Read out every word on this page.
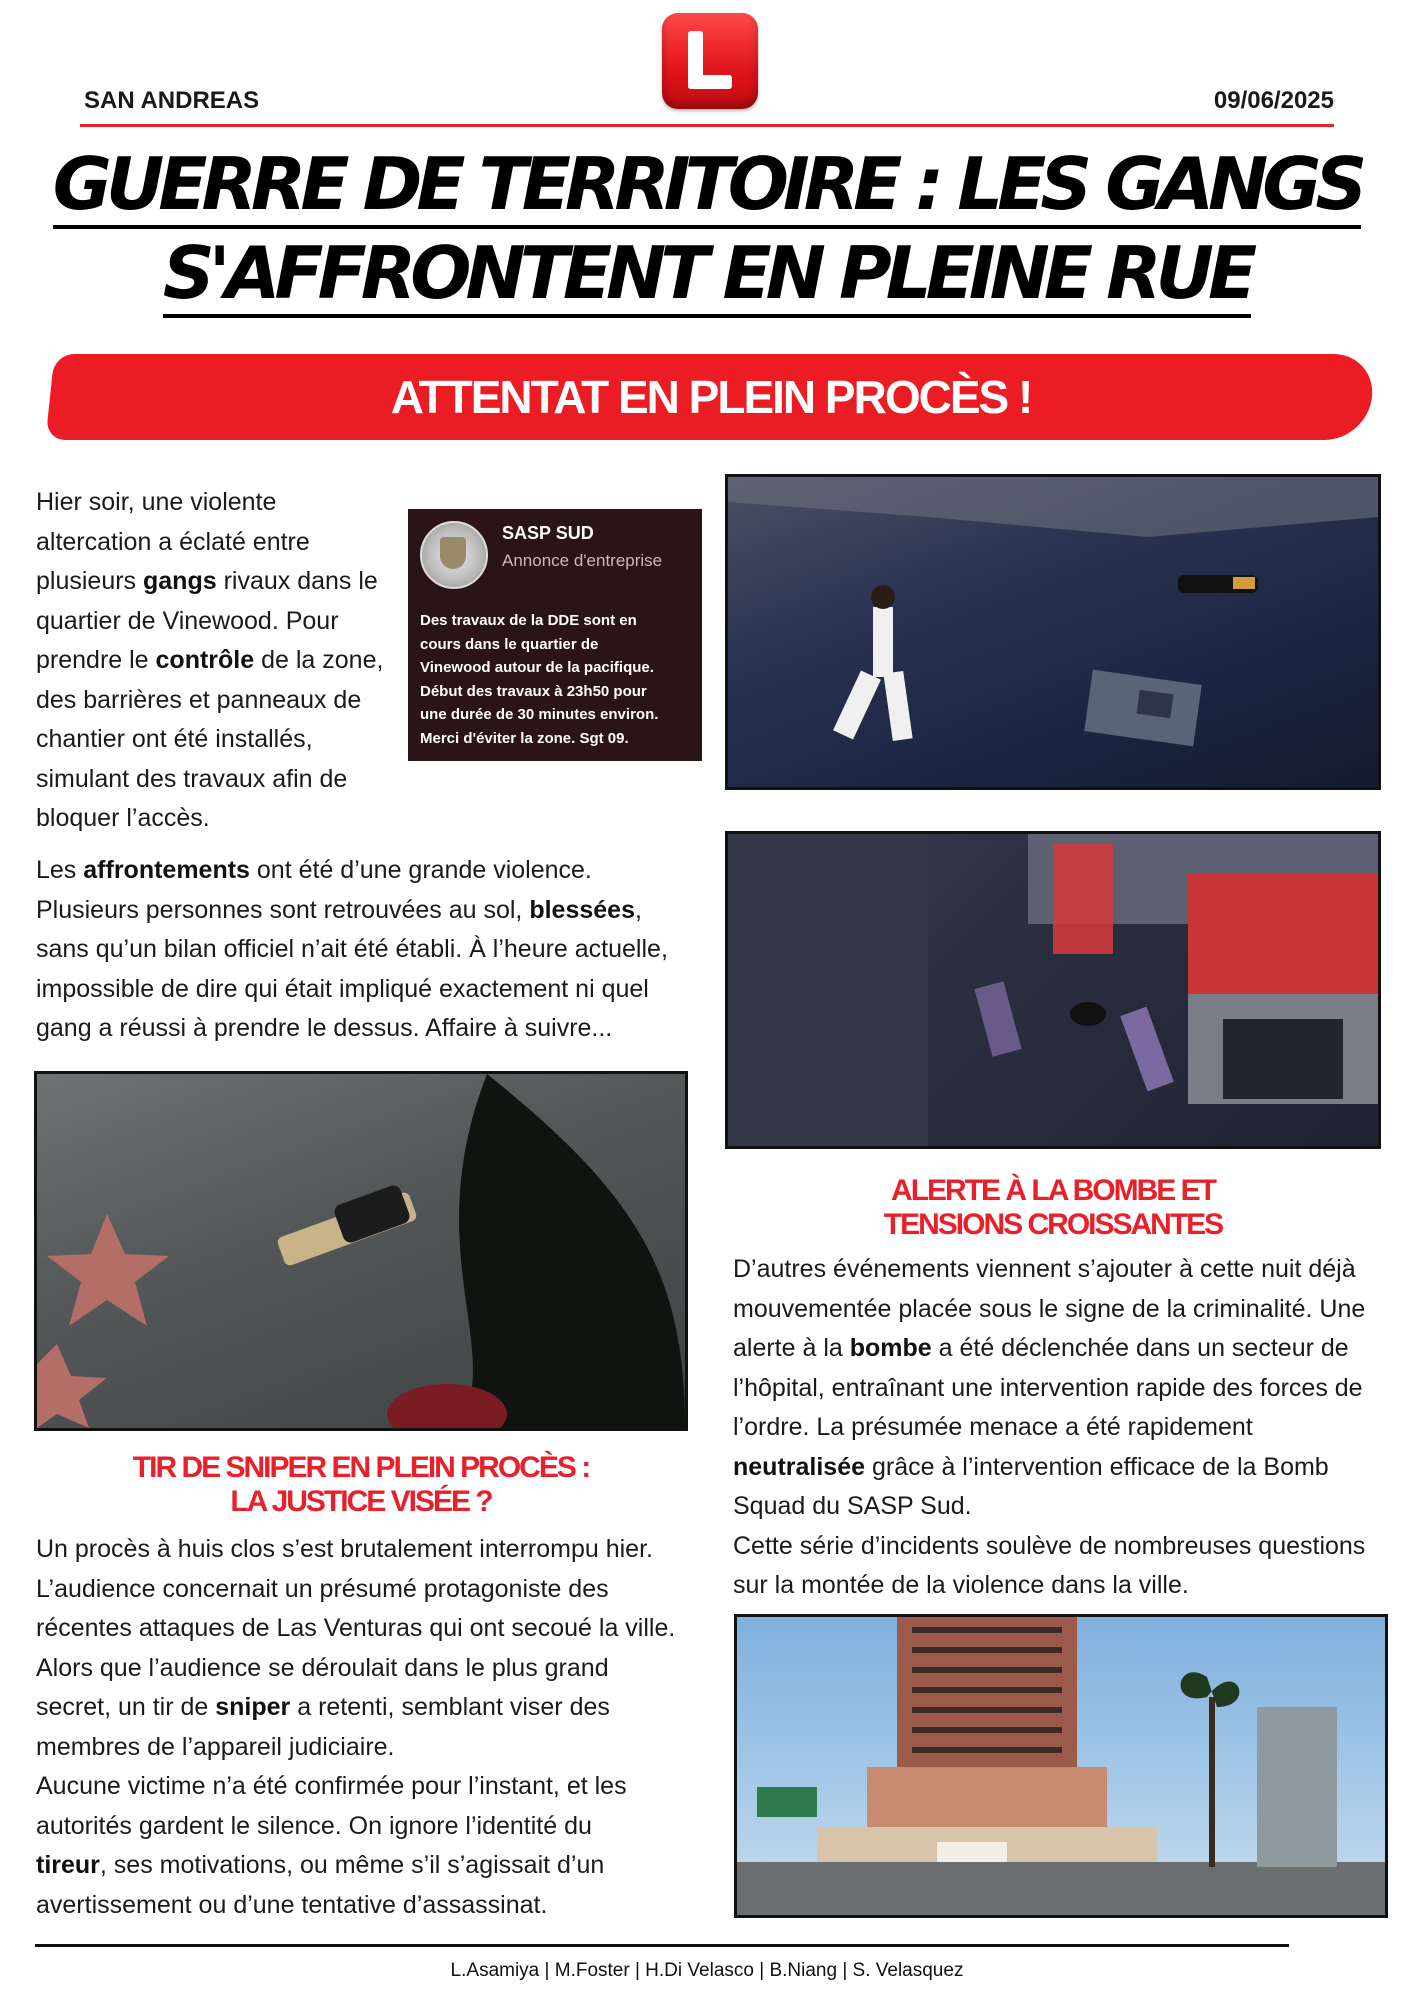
SAN ANDREAS	09/06/2025
GUERRE DE TERRITOIRE : LES GANGS
S'AFFRONTENT EN PLEINE RUE
ATTENTAT EN PLEIN PROCÈS !

Hier soir, une violente
altercation a éclaté entre
plusieurs gangs rivaux dans le
quartier de Vinewood. Pour
prendre le contrôle de la zone,
des barrières et panneaux de
chantier ont été installés,
simulant des travaux afin de
bloquer l’accès.

SASP SUD
Annonce d'entreprise
Des travaux de la DDE sont en
cours dans le quartier de
Vinewood autour de la pacifique.
Début des travaux à 23h50 pour
une durée de 30 minutes environ.
Merci d'éviter la zone. Sgt 09.

Les affrontements ont été d’une grande violence.
Plusieurs personnes sont retrouvées au sol, blessées,
sans qu’un bilan officiel n’ait été établi. À l’heure actuelle,
impossible de dire qui était impliqué exactement ni quel
gang a réussi à prendre le dessus. Affaire à suivre...

TIR DE SNIPER EN PLEIN PROCÈS :
LA JUSTICE VISÉE ?

Un procès à huis clos s’est brutalement interrompu hier.
L’audience concernait un présumé protagoniste des
récentes attaques de Las Venturas qui ont secoué la ville.
Alors que l’audience se déroulait dans le plus grand
secret, un tir de sniper a retenti, semblant viser des
membres de l’appareil judiciaire.
Aucune victime n’a été confirmée pour l’instant, et les
autorités gardent le silence. On ignore l’identité du
tireur, ses motivations, ou même s’il s’agissait d’un
avertissement ou d’une tentative d’assassinat.

ALERTE À LA BOMBE ET
TENSIONS CROISSANTES

D’autres événements viennent s’ajouter à cette nuit déjà
mouvementée placée sous le signe de la criminalité. Une
alerte à la bombe a été déclenchée dans un secteur de
l’hôpital, entraînant une intervention rapide des forces de
l’ordre. La présumée menace a été rapidement
neutralisée grâce à l’intervention efficace de la Bomb
Squad du SASP Sud.
Cette série d’incidents soulève de nombreuses questions
sur la montée de la violence dans la ville.

L.Asamiya | M.Foster | H.Di Velasco | B.Niang | S. Velasquez
